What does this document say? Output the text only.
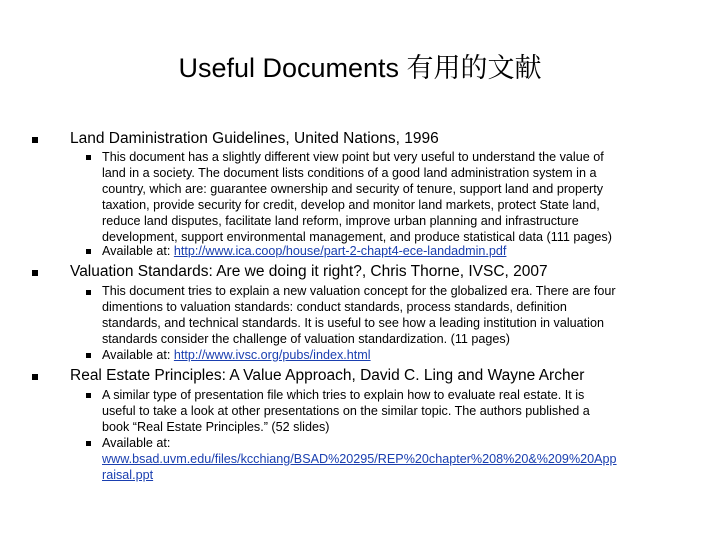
Useful Documents 有用的文献
Land Daministration Guidelines, United Nations, 1996
This document has a slightly different view point but very useful to understand the value of
land in a society. The document lists conditions of a good land administration system in a
country, which are: guarantee ownership and security of tenure, support land and property
taxation, provide security for credit, develop and monitor land markets, protect State land,
reduce land disputes, facilitate land reform, improve urban planning and infrastructure
development, support environmental management, and produce statistical data (111 pages)
Available at: http://www.ica.coop/house/part-2-chapt4-ece-landadmin.pdf
Valuation Standards: Are we doing it right?, Chris Thorne, IVSC, 2007
This document tries to explain a new valuation concept for the globalized era. There are four
dimentions to valuation standards: conduct standards, process standards, definition
standards, and technical standards. It is useful to see how a leading institution in valuation
standards consider the challenge of valuation standardization. (11 pages)
Available at: http://www.ivsc.org/pubs/index.html
Real Estate Principles: A Value Approach, David C. Ling and Wayne Archer
A similar type of presentation file which tries to explain how to evaluate real estate. It is
useful to take a look at other presentations on the similar topic. The authors published a
book “Real Estate Principles.” (52 slides)
Available at:
www.bsad.uvm.edu/files/kcchiang/BSAD%20295/REP%20chapter%208%20&%209%20App
raisal.ppt
